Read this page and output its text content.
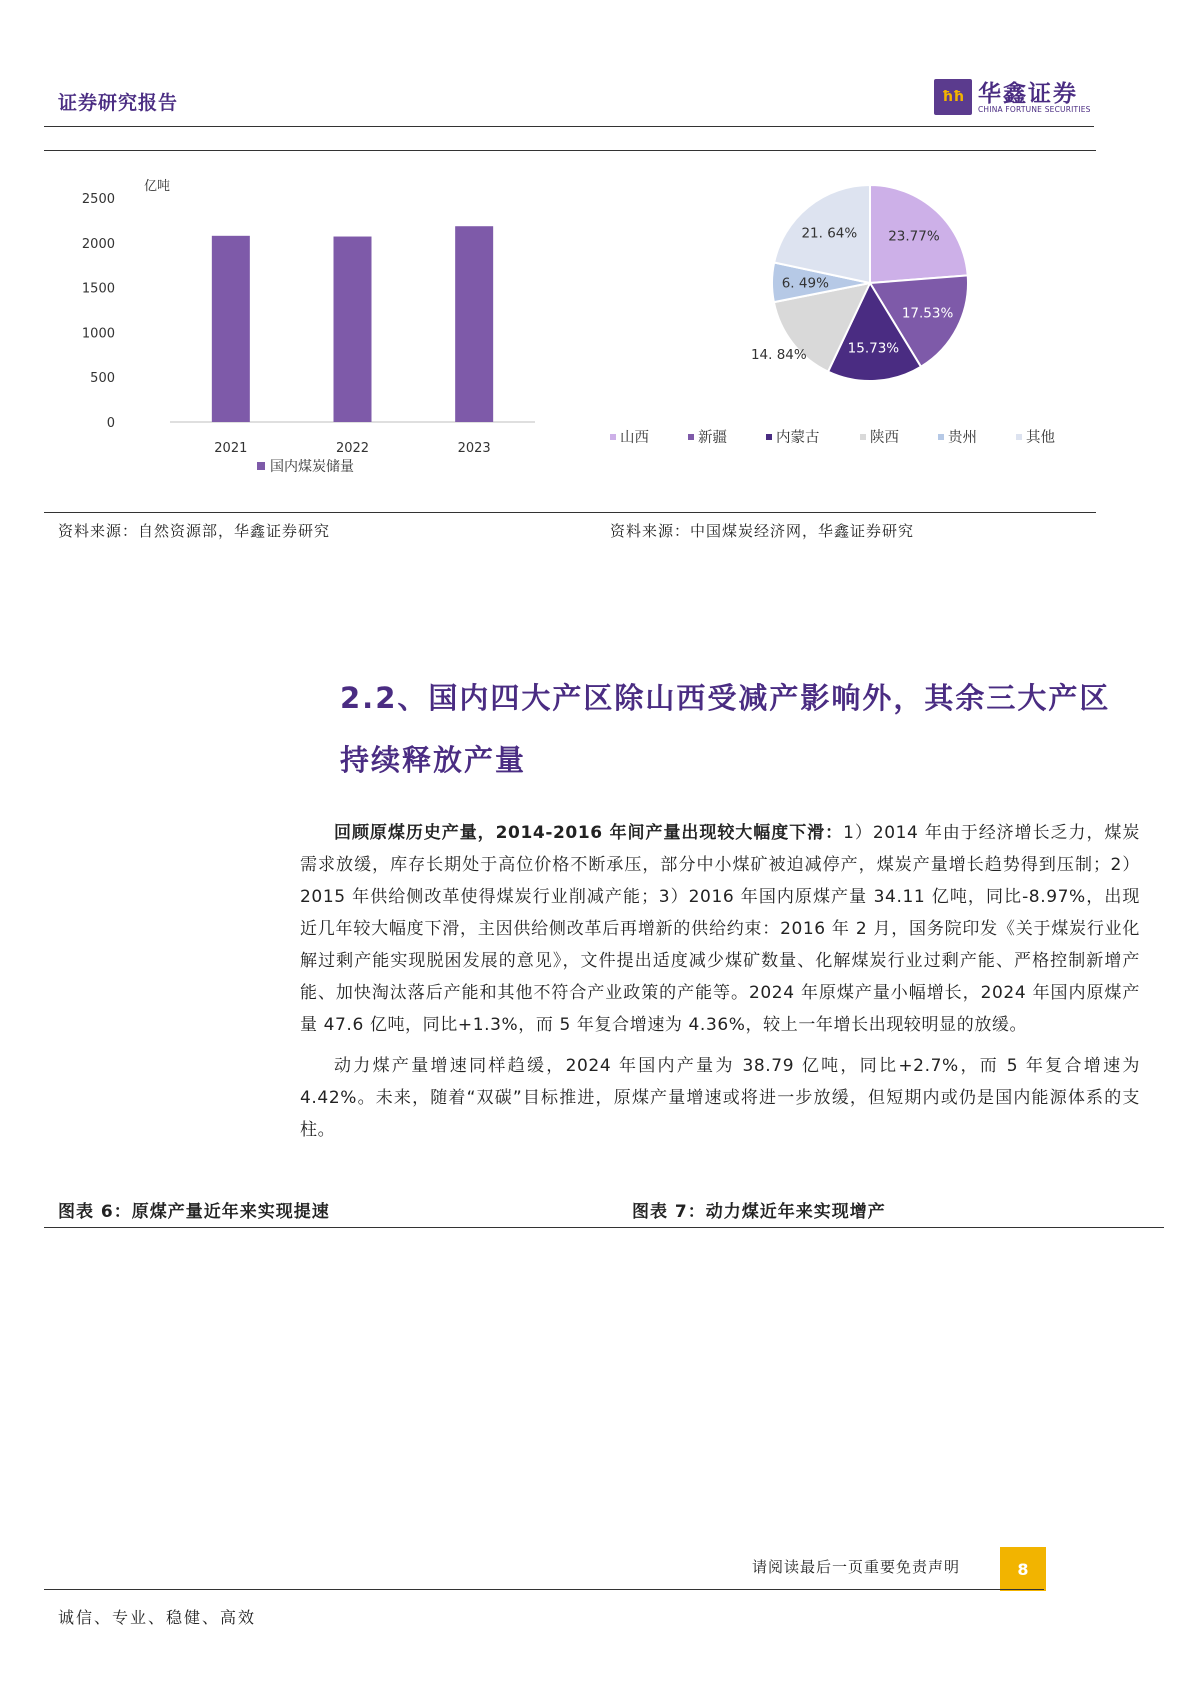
证券研究报告	ħħ 华鑫证券
CHINA FORTUNE SECURITIES
亿吨
2500
2000
1500
1000
500
0
2021	2022	2023
国内煤炭储量
23.77%
17.53%
15.73%
14. 84%
6. 49%
21. 64%
山西	新疆	内蒙古	陕西	贵州	其他
资料来源：自然资源部，华鑫证券研究	资料来源：中国煤炭经济网，华鑫证券研究
2.2、国内四大产区除山西受减产影响外，其余三大产区
持续释放产量

回顾原煤历史产量，2014-2016 年间产量出现较大幅度下滑：1）2014 年由于经济增长乏力，煤炭需求放缓，库存长期处于高位价格不断承压，部分中小煤矿被迫减停产，煤炭产量增长趋势得到压制；2）2015 年供给侧改革使得煤炭行业削减产能；3）2016 年国内原煤产量 34.11 亿吨，同比-8.97%，出现近几年较大幅度下滑，主因供给侧改革后再增新的供给约束：2016 年 2 月，国务院印发《关于煤炭行业化解过剩产能实现脱困发展的意见》，文件提出适度减少煤矿数量、化解煤炭行业过剩产能、严格控制新增产能、加快淘汰落后产能和其他不符合产业政策的产能等。2024 年原煤产量小幅增长，2024 年国内原煤产量 47.6 亿吨，同比+1.3%，而 5 年复合增速为 4.36%，较上一年增长出现较明显的放缓。

动力煤产量增速同样趋缓，2024 年国内产量为 38.79 亿吨，同比+2.7%，而 5 年复合增速为 4.42%。未来，随着“双碳”目标推进，原煤产量增速或将进一步放缓，但短期内或仍是国内能源体系的支柱。

图表 6：原煤产量近年来实现提速	图表 7：动力煤近年来实现增产
请阅读最后一页重要免责声明	8
诚信、专业、稳健、高效
